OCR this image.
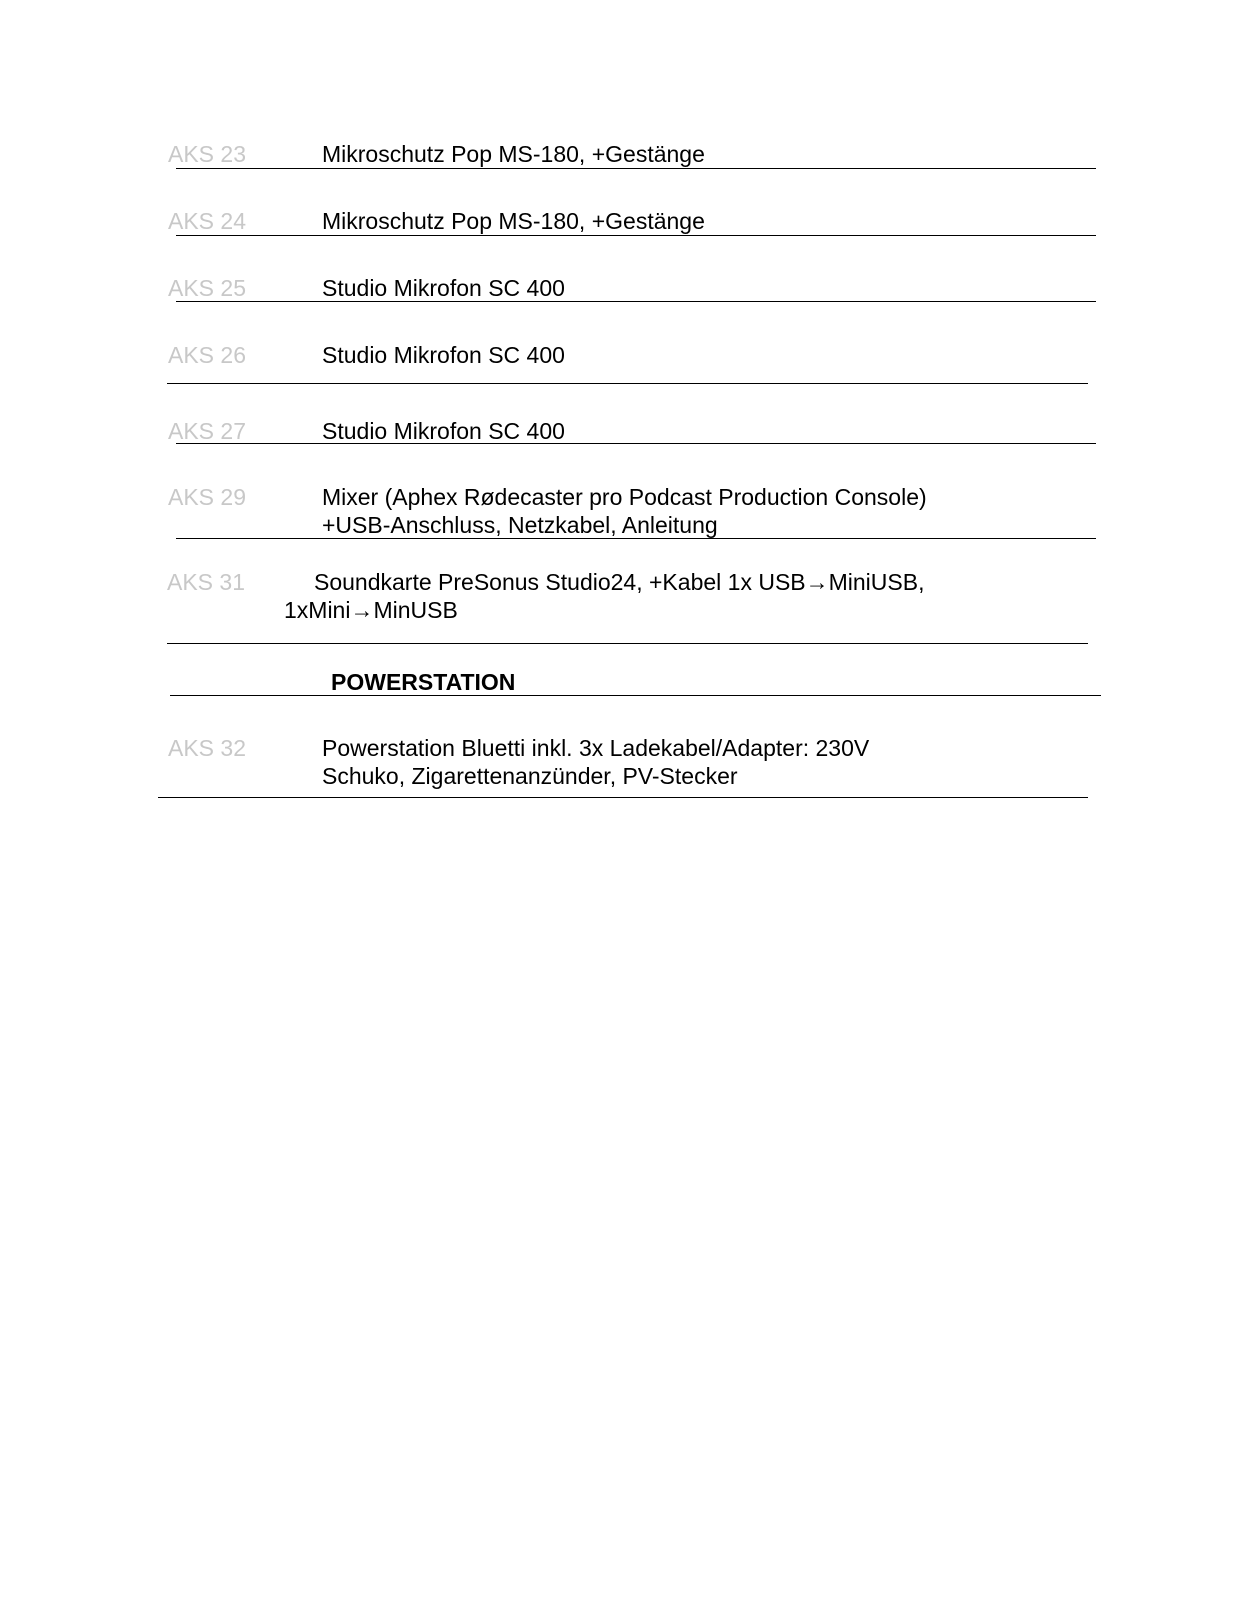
AKS 23	Mikroschutz Pop MS-180, +Gestänge
AKS 24	Mikroschutz Pop MS-180, +Gestänge
AKS 25	Studio Mikrofon SC 400
AKS 26	Studio Mikrofon SC 400
AKS 27	Studio Mikrofon SC 400
AKS 29	Mixer (Aphex Rødecaster pro Podcast Production Console)
+USB-Anschluss, Netzkabel, Anleitung
AKS 31	Soundkarte PreSonus Studio24, +Kabel 1x USB→MiniUSB,
1xMini→MinUSB
POWERSTATION
AKS 32	Powerstation Bluetti inkl. 3x Ladekabel/Adapter: 230V
Schuko, Zigarettenanzünder, PV-Stecker
